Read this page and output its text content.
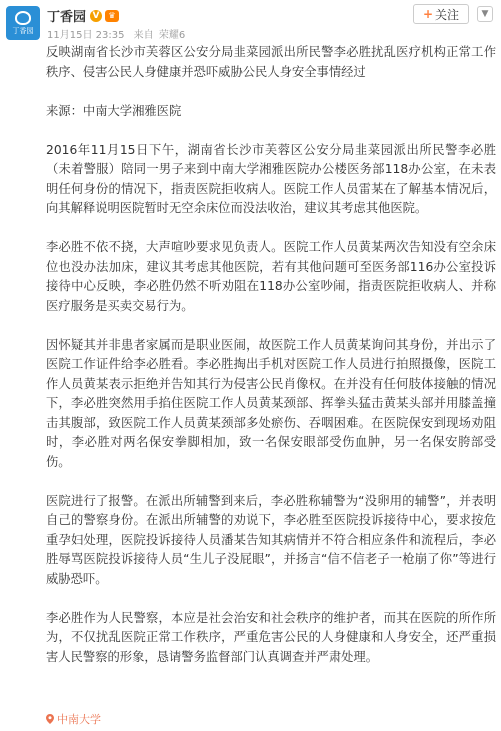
丁香园
丁香园 V	♛
11月15日 23:35 来自 荣耀6
+ 关注	▼

反映湖南省长沙市芙蓉区公安分局韭菜园派出所民警李必胜扰乱医疗机构正常工作秩序、侵害公民人身健康并恐吓威胁公民人身安全事情经过

来源：中南大学湘雅医院

2016年11月15日下午，湖南省长沙市芙蓉区公安分局韭菜园派出所民警李必胜（未着警服）陪同一男子来到中南大学湘雅医院办公楼医务部118办公室，在未表明任何身份的情况下，指责医院拒收病人。医院工作人员雷某在了解基本情况后，向其解释说明医院暂时无空余床位而没法收治，建议其考虑其他医院。

李必胜不依不挠，大声喧吵要求见负责人。医院工作人员黄某两次告知没有空余床位也没办法加床，建议其考虑其他医院，若有其他问题可至医务部116办公室投诉接待中心反映，李必胜仍然不听劝阻在118办公室吵闹，指责医院拒收病人、并称医疗服务是买卖交易行为。

因怀疑其并非患者家属而是职业医闹，故医院工作人员黄某询问其身份，并出示了医院工作证件给李必胜看。李必胜掏出手机对医院工作人员进行拍照摄像，医院工作人员黄某表示拒绝并告知其行为侵害公民肖像权。在并没有任何肢体接触的情况下，李必胜突然用手掐住医院工作人员黄某颈部、挥拳头猛击黄某头部并用膝盖撞击其腹部，致医院工作人员黄某颈部多处瘀伤、吞咽困难。在医院保安到现场劝阻时，李必胜对两名保安拳脚相加，致一名保安眼部受伤血肿，另一名保安胯部受伤。

医院进行了报警。在派出所辅警到来后，李必胜称辅警为“没卵用的辅警”，并表明自己的警察身份。在派出所辅警的劝说下，李必胜至医院投诉接待中心，要求按危重孕妇处理，医院投诉接待人员潘某告知其病情并不符合相应条件和流程后，李必胜辱骂医院投诉接待人员“生儿子没屁眼”，并扬言“信不信老子一枪崩了你”等进行威胁恐吓。

李必胜作为人民警察，本应是社会治安和社会秩序的维护者，而其在医院的所作所为，不仅扰乱医院正常工作秩序，严重危害公民的人身健康和人身安全，还严重损害人民警察的形象，恳请警务监督部门认真调查并严肃处理。

中南大学
